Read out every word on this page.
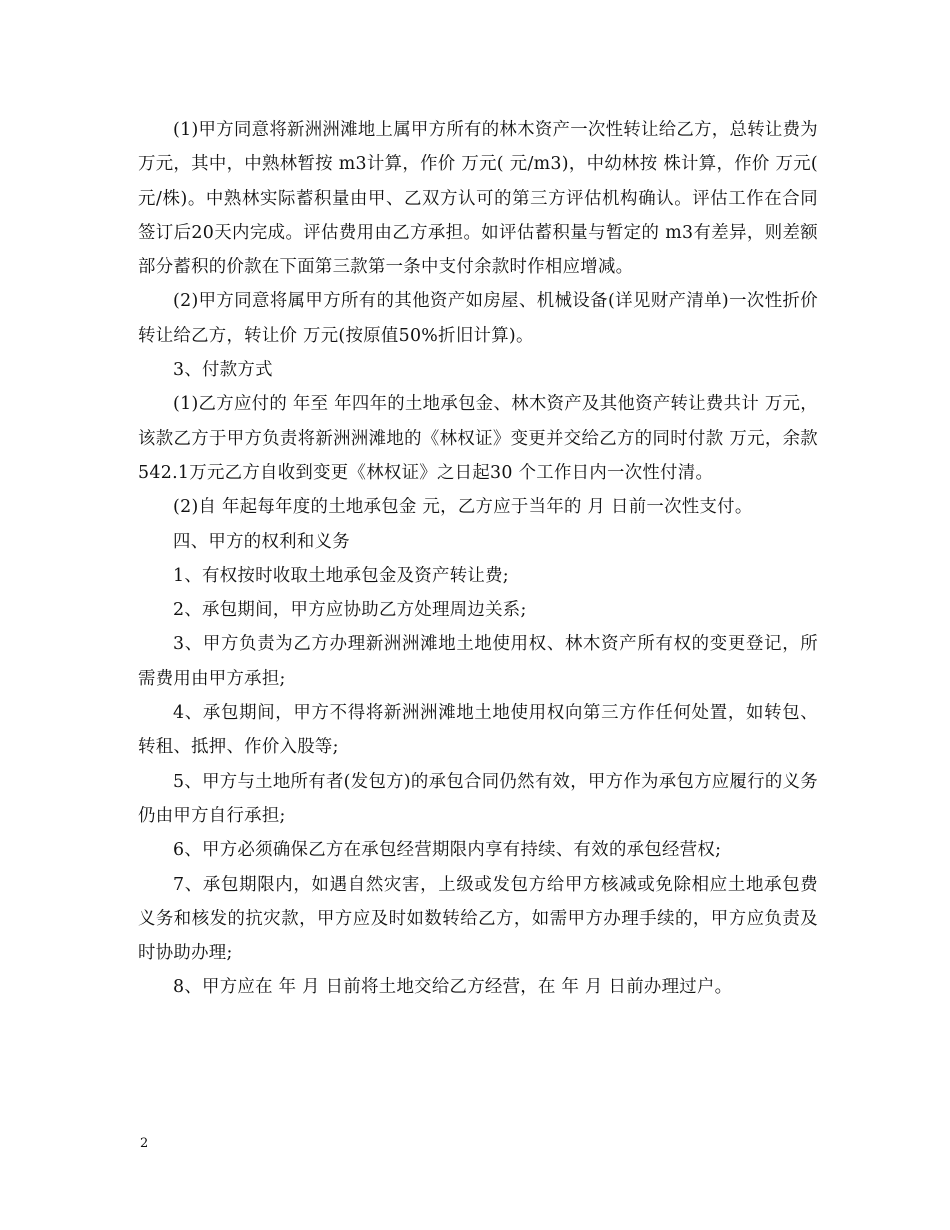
(1)甲方同意将新洲洲滩地上属甲方所有的林木资产一次性转让给乙方，总转让费为 万元，其中，中熟林暂按 m3计算，作价 万元( 元/m3)，中幼林按 株计算，作价 万元( 元/株)。中熟林实际蓄积量由甲、乙双方认可的第三方评估机构确认。评估工作在合同签订后20天内完成。评估费用由乙方承担。如评估蓄积量与暂定的 m3有差异，则差额部分蓄积的价款在下面第三款第一条中支付余款时作相应增减。

(2)甲方同意将属甲方所有的其他资产如房屋、机械设备(详见财产清单)一次性折价转让给乙方，转让价 万元(按原值50%折旧计算)。

3、付款方式

(1)乙方应付的 年至 年四年的土地承包金、林木资产及其他资产转让费共计 万元，该款乙方于甲方负责将新洲洲滩地的《林权证》变更并交给乙方的同时付款 万元，余款542.1万元乙方自收到变更《林权证》之日起30 个工作日内一次性付清。

(2)自 年起每年度的土地承包金 元，乙方应于当年的 月 日前一次性支付。

四、甲方的权利和义务

1、有权按时收取土地承包金及资产转让费;

2、承包期间，甲方应协助乙方处理周边关系;

3、甲方负责为乙方办理新洲洲滩地土地使用权、林木资产所有权的变更登记，所需费用由甲方承担;

4、承包期间，甲方不得将新洲洲滩地土地使用权向第三方作任何处置，如转包、转租、抵押、作价入股等;

5、甲方与土地所有者(发包方)的承包合同仍然有效，甲方作为承包方应履行的义务仍由甲方自行承担;

6、甲方必须确保乙方在承包经营期限内享有持续、有效的承包经营权;

7、承包期限内，如遇自然灾害，上级或发包方给甲方核减或免除相应土地承包费义务和核发的抗灾款，甲方应及时如数转给乙方，如需甲方办理手续的，甲方应负责及时协助办理;

8、甲方应在 年 月 日前将土地交给乙方经营，在 年 月 日前办理过户。

2
